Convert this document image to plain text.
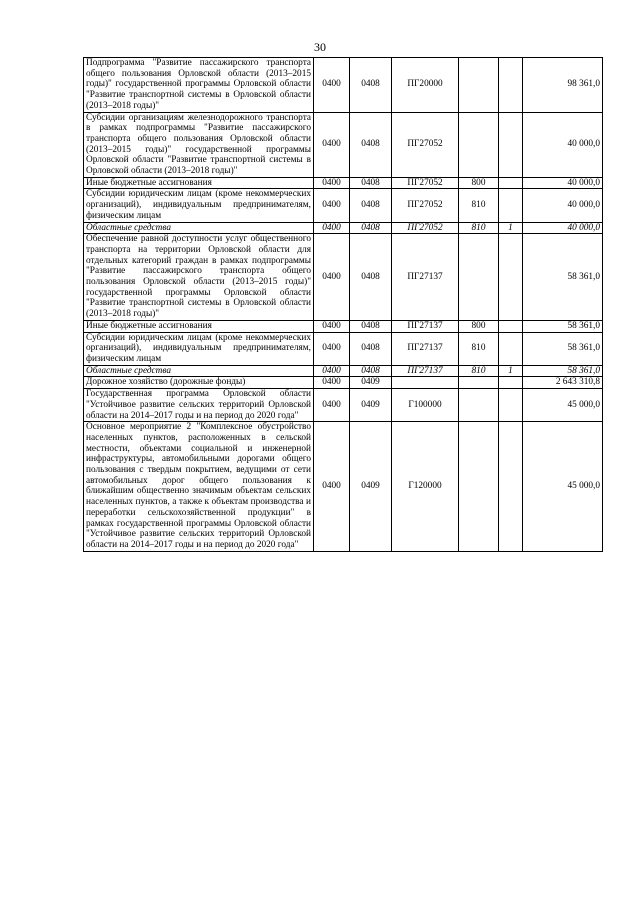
30
Подпрограмма "Развитие пассажирского транспорта общего пользования Орловской области (2013–2015 годы)" государственной программы Орловской области "Развитие транспортной системы в Орловской области (2013–2018 годы)"	0400	0408	ПГ20000			98 361,0
Субсидии организациям железнодорожного транспорта в рамках подпрограммы "Развитие пассажирского транспорта общего пользования Орловской области (2013–2015 годы)" государственной программы Орловской области "Развитие транспортной системы в Орловской области (2013–2018 годы)"	0400	0408	ПГ27052			40 000,0
Иные бюджетные ассигнования	0400	0408	ПГ27052	800		40 000,0
Субсидии юридическим лицам (кроме некоммерческих организаций), индивидуальным предпринимателям, физическим лицам	0400	0408	ПГ27052	810		40 000,0
Областные средства	0400	0408	ПГ27052	810	1	40 000,0
Обеспечение равной доступности услуг общественного транспорта на территории Орловской области для отдельных категорий граждан в рамках подпрограммы "Развитие пассажирского транспорта общего пользования Орловской области (2013–2015 годы)" государственной программы Орловской области "Развитие транспортной системы в Орловской области (2013–2018 годы)"	0400	0408	ПГ27137			58 361,0
Иные бюджетные ассигнования	0400	0408	ПГ27137	800		58 361,0
Субсидии юридическим лицам (кроме некоммерческих организаций), индивидуальным предпринимателям, физическим лицам	0400	0408	ПГ27137	810		58 361,0
Областные средства	0400	0408	ПГ27137	810	1	58 361,0
Дорожное хозяйство (дорожные фонды)	0400	0409				2 643 310,8
Государственная программа Орловской области "Устойчивое развитие сельских территорий Орловской области на 2014–2017 годы и на период до 2020 года"	0400	0409	Г100000			45 000,0
Основное мероприятие 2 "Комплексное обустройство населенных пунктов, расположенных в сельской местности, объектами социальной и инженерной инфраструктуры, автомобильными дорогами общего пользования с твердым покрытием, ведущими от сети автомобильных дорог общего пользования к ближайшим общественно значимым объектам сельских населенных пунктов, а также к объектам производства и переработки сельскохозяйственной продукции" в рамках государственной программы Орловской области "Устойчивое развитие сельских территорий Орловской области на 2014–2017 годы и на период до 2020 года"	0400	0409	Г120000			45 000,0
